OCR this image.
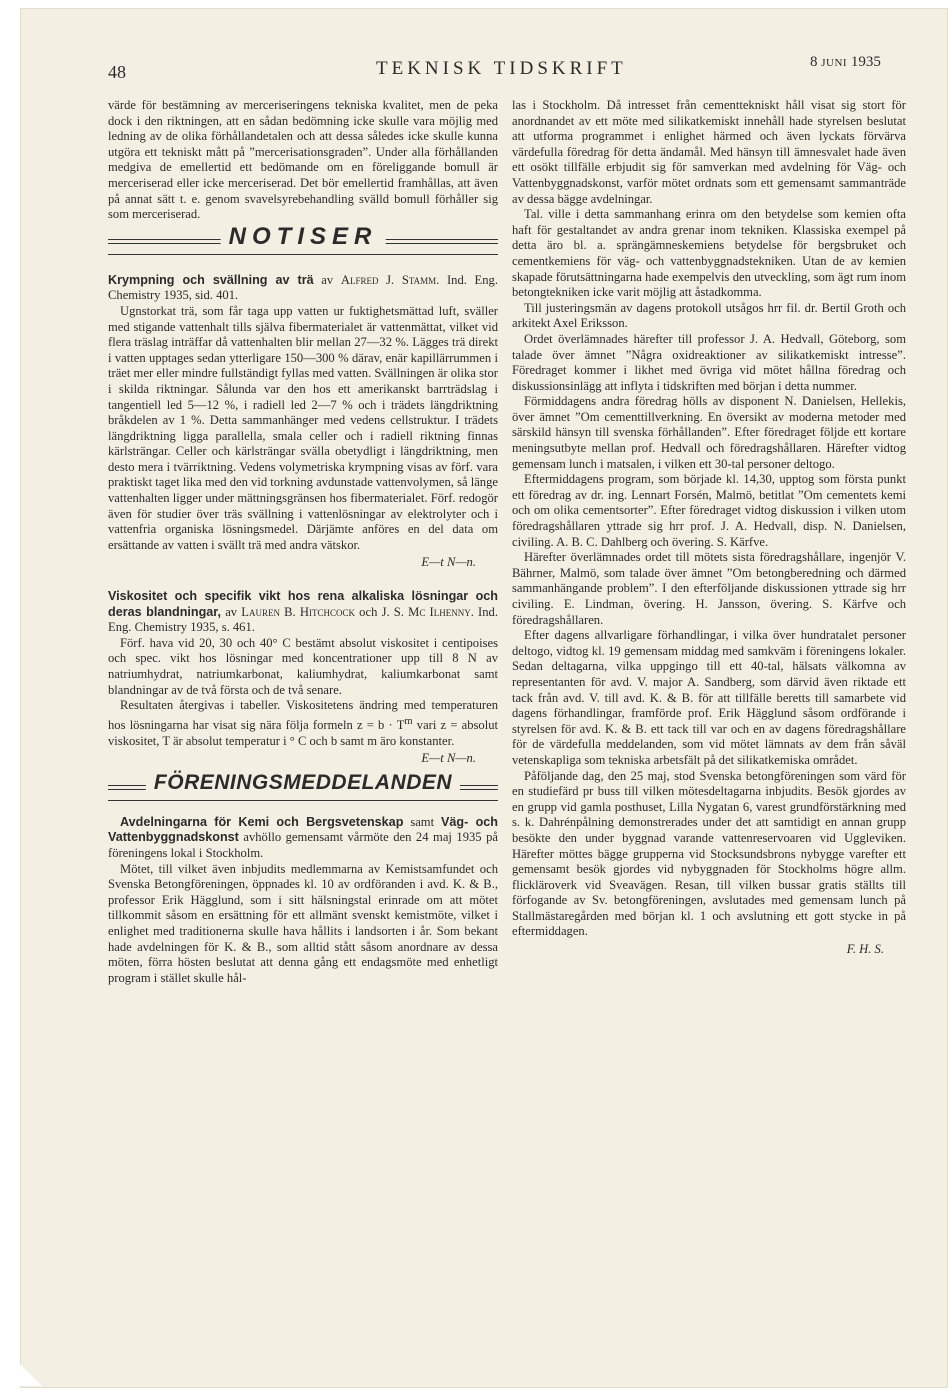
48	TEKNISK TIDSKRIFT	8 JUNI 1935

värde för bestämning av merceriseringens tekniska kvalitet, men de peka dock i den riktningen, att en sådan bedömning icke skulle vara möjlig med ledning av de olika förhållandetalen och att dessa således icke skulle kunna utgöra ett tekniskt mått på ”mercerisationsgraden”. Under alla förhållanden medgiva de emellertid ett bedömande om en föreliggande bomull är merceriserad eller icke merceriserad. Det bör emellertid framhållas, att även på annat sätt t. e. genom svavelsyrebehandling svälld bomull förhåller sig som merceriserad.

NOTISER

Krympning och svällning av trä av Alfred J. Stamm. Ind. Eng. Chemistry 1935, sid. 401.

Ugnstorkat trä, som får taga upp vatten ur fuktighetsmättad luft, sväller med stigande vattenhalt tills själva fibermaterialet är vattenmättat, vilket vid flera träslag inträffar då vattenhalten blir mellan 27—32 %. Lägges trä direkt i vatten upptages sedan ytterligare 150—300 % därav, enär kapillärrummen i träet mer eller mindre fullständigt fyllas med vatten. Svällningen är olika stor i skilda riktningar. Sålunda var den hos ett amerikanskt barrträdslag i tangentiell led 5—12 %, i radiell led 2—7 % och i trädets längdriktning bråkdelen av 1 %. Detta sammanhänger med vedens cellstruktur. I trädets längdriktning ligga parallella, smala celler och i radiell riktning finnas kärlsträngar. Celler och kärlsträngar svälla obetydligt i längdriktning, men desto mera i tvärriktning. Vedens volymetriska krympning visas av förf. vara praktiskt taget lika med den vid torkning avdunstade vattenvolymen, så länge vattenhalten ligger under mättningsgränsen hos fibermaterialet. Förf. redogör även för studier över träs svällning i vattenlösningar av elektrolyter och i vattenfria organiska lösningsmedel. Därjämte anföres en del data om ersättande av vatten i svällt trä med andra vätskor.

E—t N—n.

Viskositet och specifik vikt hos rena alkaliska lösningar och deras blandningar, av Lauren B. Hitchcock och J. S. Mc Ilhenny. Ind. Eng. Chemistry 1935, s. 461.

Förf. hava vid 20, 30 och 40° C bestämt absolut viskositet i centipoises och spec. vikt hos lösningar med koncentrationer upp till 8 N av natriumhydrat, natriumkarbonat, kaliumhydrat, kaliumkarbonat samt blandningar av de två första och de två senare.

Resultaten återgivas i tabeller. Viskositetens ändring med temperaturen hos lösningarna har visat sig nära följa formeln $z = b \cdot T^m$ vari z = absolut viskositet, T är absolut temperatur i ° C och b samt m äro konstanter.

E—t N—n.
FÖRENINGSMEDDELANDEN

Avdelningarna för Kemi och Bergsvetenskap samt Väg- och Vattenbyggnadskonst avhöllo gemensamt vårmöte den 24 maj 1935 på föreningens lokal i Stockholm.

Mötet, till vilket även inbjudits medlemmarna av Kemistsamfundet och Svenska Betongföreningen, öppnades kl. 10 av ordföranden i avd. K. & B., professor Erik Hägglund, som i sitt hälsningstal erinrade om att mötet tillkommit såsom en ersättning för ett allmänt svenskt kemistmöte, vilket i enlighet med traditionerna skulle hava hållits i landsorten i år. Som bekant hade avdelningen för K. & B., som alltid stått såsom anordnare av dessa möten, förra hösten beslutat att denna gång ett endagsmöte med enhetligt program i stället skulle hål-

las i Stockholm. Då intresset från cementtekniskt håll visat sig stort för anordnandet av ett möte med silikatkemiskt innehåll hade styrelsen beslutat att utforma programmet i enlighet härmed och även lyckats förvärva värdefulla föredrag för detta ändamål. Med hänsyn till ämnesvalet hade även ett osökt tillfälle erbjudit sig för samverkan med avdelning för Väg- och Vattenbyggnadskonst, varför mötet ordnats som ett gemensamt sammanträde av dessa bägge avdelningar.

Tal. ville i detta sammanhang erinra om den betydelse som kemien ofta haft för gestaltandet av andra grenar inom tekniken. Klassiska exempel på detta äro bl. a. sprängämneskemiens betydelse för bergsbruket och cementkemiens för väg- och vattenbyggnadstekniken. Utan de av kemien skapade förutsättningarna hade exempelvis den utveckling, som ägt rum inom betongtekniken icke varit möjlig att åstadkomma.

Till justeringsmän av dagens protokoll utsågos hrr fil. dr. Bertil Groth och arkitekt Axel Eriksson.

Ordet överlämnades härefter till professor J. A. Hedvall, Göteborg, som talade över ämnet ”Några oxidreaktioner av silikatkemiskt intresse”. Föredraget kommer i likhet med övriga vid mötet hållna föredrag och diskussionsinlägg att inflyta i tidskriften med början i detta nummer.

Förmiddagens andra föredrag hölls av disponent N. Danielsen, Hellekis, över ämnet ”Om cementtillverkning. En översikt av moderna metoder med särskild hänsyn till svenska förhållanden”. Efter föredraget följde ett kortare meningsutbyte mellan prof. Hedvall och föredragshållaren. Härefter vidtog gemensam lunch i matsalen, i vilken ett 30-tal personer deltogo.

Eftermiddagens program, som började kl. 14,30, upptog som första punkt ett föredrag av dr. ing. Lennart Forsén, Malmö, betitlat ”Om cementets kemi och om olika cementsorter”. Efter föredraget vidtog diskussion i vilken utom föredragshållaren yttrade sig hrr prof. J. A. Hedvall, disp. N. Danielsen, civiling. A. B. C. Dahlberg och övering. S. Kärfve.

Härefter överlämnades ordet till mötets sista föredragshållare, ingenjör V. Bährner, Malmö, som talade över ämnet ”Om betongberedning och därmed sammanhängande problem”. I den efterföljande diskussionen yttrade sig hrr civiling. E. Lindman, övering. H. Jansson, övering. S. Kärfve och föredragshållaren.

Efter dagens allvarligare förhandlingar, i vilka över hundratalet personer deltogo, vidtog kl. 19 gemensam middag med samkväm i föreningens lokaler. Sedan deltagarna, vilka uppgingo till ett 40-tal, hälsats välkomna av representanten för avd. V. major A. Sandberg, som därvid även riktade ett tack från avd. V. till avd. K. & B. för att tillfälle beretts till samarbete vid dagens förhandlingar, framförde prof. Erik Hägglund såsom ordförande i styrelsen för avd. K. & B. ett tack till var och en av dagens föredragshållare för de värdefulla meddelanden, som vid mötet lämnats av dem från såväl vetenskapliga som tekniska arbetsfält på det silikatkemiska området.

Påföljande dag, den 25 maj, stod Svenska betongföreningen som värd för en studiefärd pr buss till vilken mötesdeltagarna inbjudits. Besök gjordes av en grupp vid gamla posthuset, Lilla Nygatan 6, varest grundförstärkning med s. k. Dahrénpålning demonstrerades under det att samtidigt en annan grupp besökte den under byggnad varande vattenreservoaren vid Uggleviken. Härefter möttes bägge grupperna vid Stocksundsbrons nybygge varefter ett gemensamt besök gjordes vid nybyggnaden för Stockholms högre allm. flickläroverk vid Sveavägen. Resan, till vilken bussar gratis ställts till förfogande av Sv. betongföreningen, avslutades med gemensam lunch på Stallmästaregården med början kl. 1 och avslutning ett gott stycke in på eftermiddagen.

F. H. S.
